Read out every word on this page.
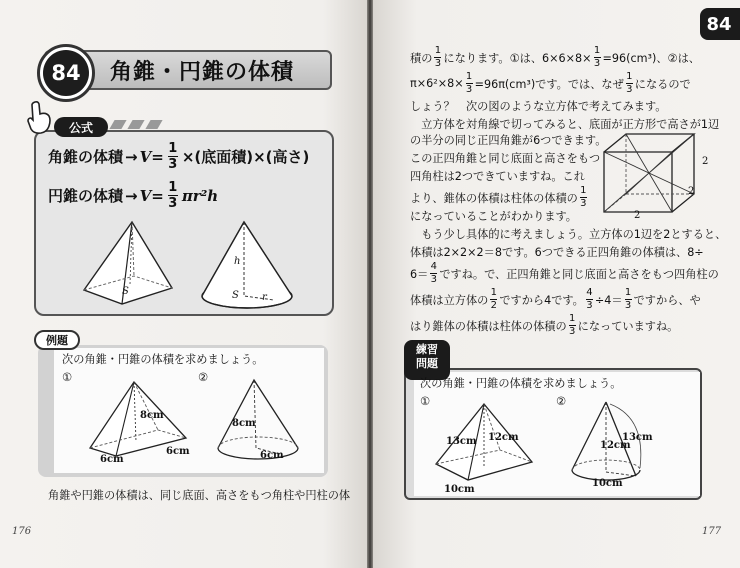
84	角錐・円錐の体積
公式
角錐の体積 → $V= \frac{1}{3}$ ×(底面積)×(高さ)
円錐の体積 → $V= \frac{1}{3} \pi r^2h$
S
h
S r
例題
次の角錐・円錐の体積を求めましょう。
①	②
8cm
6cm
6cm
8cm
6cm
角錐や円錐の体積は、同じ底面、高さをもつ角柱や円柱の体
176
84
積の $\frac{1}{3}$ になります。①は、$6\times 6\times 8\times \frac{1}{3} =96(cm^3)$、②は、
$\pi\times 6^2\times 8\times \frac{1}{3} =96\pi(cm^3)$です。では、なぜ $\frac{1}{3}$ になるので
しょう？　次の図のような立方体で考えてみます。
　立方体を対角線で切ってみると、底面が正方形で高さが1辺
の半分の同じ正四角錐が6つできます。
この正四角錐と同じ底面と高さをもつ
四角柱は2つできていますね。これ
より、錐体の体積は柱体の体積の $\frac{1}{3}$
になっていることがわかります。
2
2
2
　もう少し具体的に考えましょう。立方体の1辺を2とすると、
体積は2×2×2＝8です。6つできる正四角錐の体積は、8÷
$6= \frac{4}{3}$ ですね。で、正四角錐と同じ底面と高さをもつ四角柱の
体積は立方体の $\frac{1}{2}$ ですから4です。 $\frac{4}{3} \div 4= \frac{1}{3}$ ですから、や
はり錐体の体積は柱体の体積の $\frac{1}{3}$ になっていますね。
練習
問題
次の角錐・円錐の体積を求めましょう。
①	②
13cm 12cm
10cm
12cm
13cm
10cm
177
